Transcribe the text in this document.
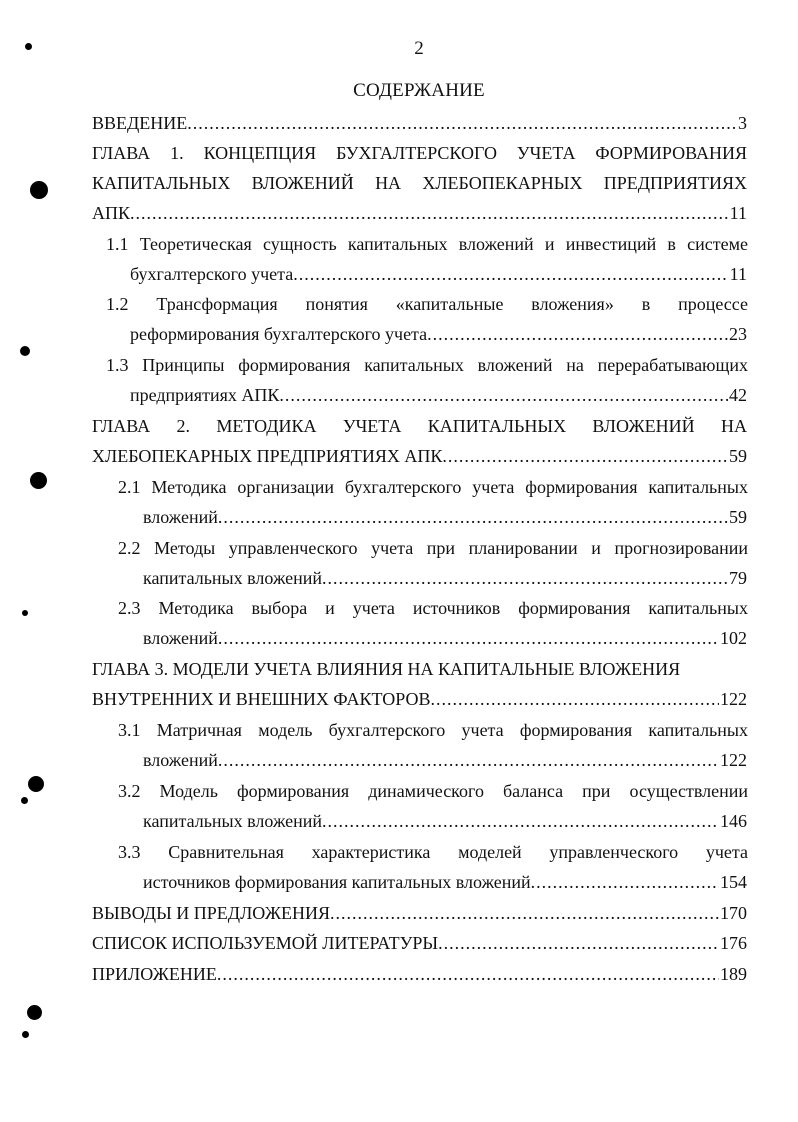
2
СОДЕРЖАНИЕ
ВВЕДЕНИЕ .....	3
ГЛАВА 1. КОНЦЕПЦИЯ БУХГАЛТЕРСКОГО УЧЕТА ФОРМИРОВАНИЯ
КАПИТАЛЬНЫХ ВЛОЖЕНИЙ НА ХЛЕБОПЕКАРНЫХ ПРЕДПРИЯТИЯХ
АПК .....	11
1.1 Теоретическая сущность капитальных вложений и инвестиций в системе
бухгалтерского учета .....	11
1.2 Трансформация понятия «капитальные вложения» в процессе
реформирования бухгалтерского учета .....	23
1.3 Принципы формирования капитальных вложений на перерабатывающих
предприятиях АПК .....	42
ГЛАВА 2. МЕТОДИКА УЧЕТА КАПИТАЛЬНЫХ ВЛОЖЕНИЙ НА
ХЛЕБОПЕКАРНЫХ ПРЕДПРИЯТИЯХ АПК .....	59
2.1 Методика организации бухгалтерского учета формирования капитальных
вложений .....	59
2.2 Методы управленческого учета при планировании и прогнозировании
капитальных вложений .....	79
2.3 Методика выбора и учета источников формирования капитальных
вложений .....	102
ГЛАВА 3. МОДЕЛИ УЧЕТА ВЛИЯНИЯ НА КАПИТАЛЬНЫЕ ВЛОЖЕНИЯ
ВНУТРЕННИХ И ВНЕШНИХ ФАКТОРОВ .....	122
3.1 Матричная модель бухгалтерского учета формирования капитальных
вложений .....	122
3.2 Модель формирования динамического баланса при осуществлении
капитальных вложений .....	146
3.3 Сравнительная характеристика моделей управленческого учета
источников формирования капитальных вложений .....	154
ВЫВОДЫ И ПРЕДЛОЖЕНИЯ .....	170
СПИСОК ИСПОЛЬЗУЕМОЙ ЛИТЕРАТУРЫ .....	176
ПРИЛОЖЕНИЕ .....	189
